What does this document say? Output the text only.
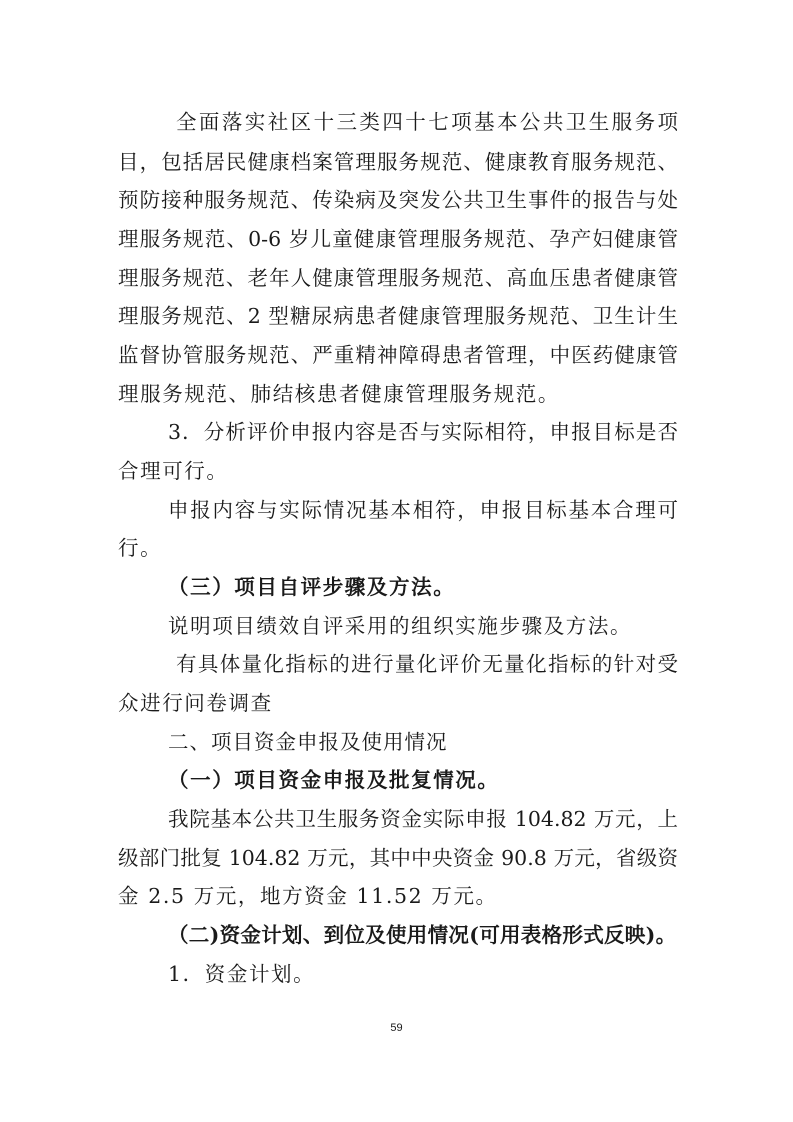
全面落实社区十三类四十七项基本公共卫生服务项
目，包括居民健康档案管理服务规范、健康教育服务规范、
预防接种服务规范、传染病及突发公共卫生事件的报告与处
理服务规范、0-6 岁儿童健康管理服务规范、孕产妇健康管
理服务规范、老年人健康管理服务规范、高血压患者健康管
理服务规范、2 型糖尿病患者健康管理服务规范、卫生计生
监督协管服务规范、严重精神障碍患者管理，中医药健康管
理服务规范、肺结核患者健康管理服务规范。
3．分析评价申报内容是否与实际相符，申报目标是否
合理可行。
申报内容与实际情况基本相符，申报目标基本合理可
行。
（三）项目自评步骤及方法。
说明项目绩效自评采用的组织实施步骤及方法。
有具体量化指标的进行量化评价无量化指标的针对受
众进行问卷调查
二、项目资金申报及使用情况
（一）项目资金申报及批复情况。
我院基本公共卫生服务资金实际申报 104.82 万元，上
级部门批复 104.82 万元，其中中央资金 90.8 万元，省级资
金 2.5 万元，地方资金 11.52 万元。
（二)资金计划、到位及使用情况(可用表格形式反映)。
1．资金计划。
59
